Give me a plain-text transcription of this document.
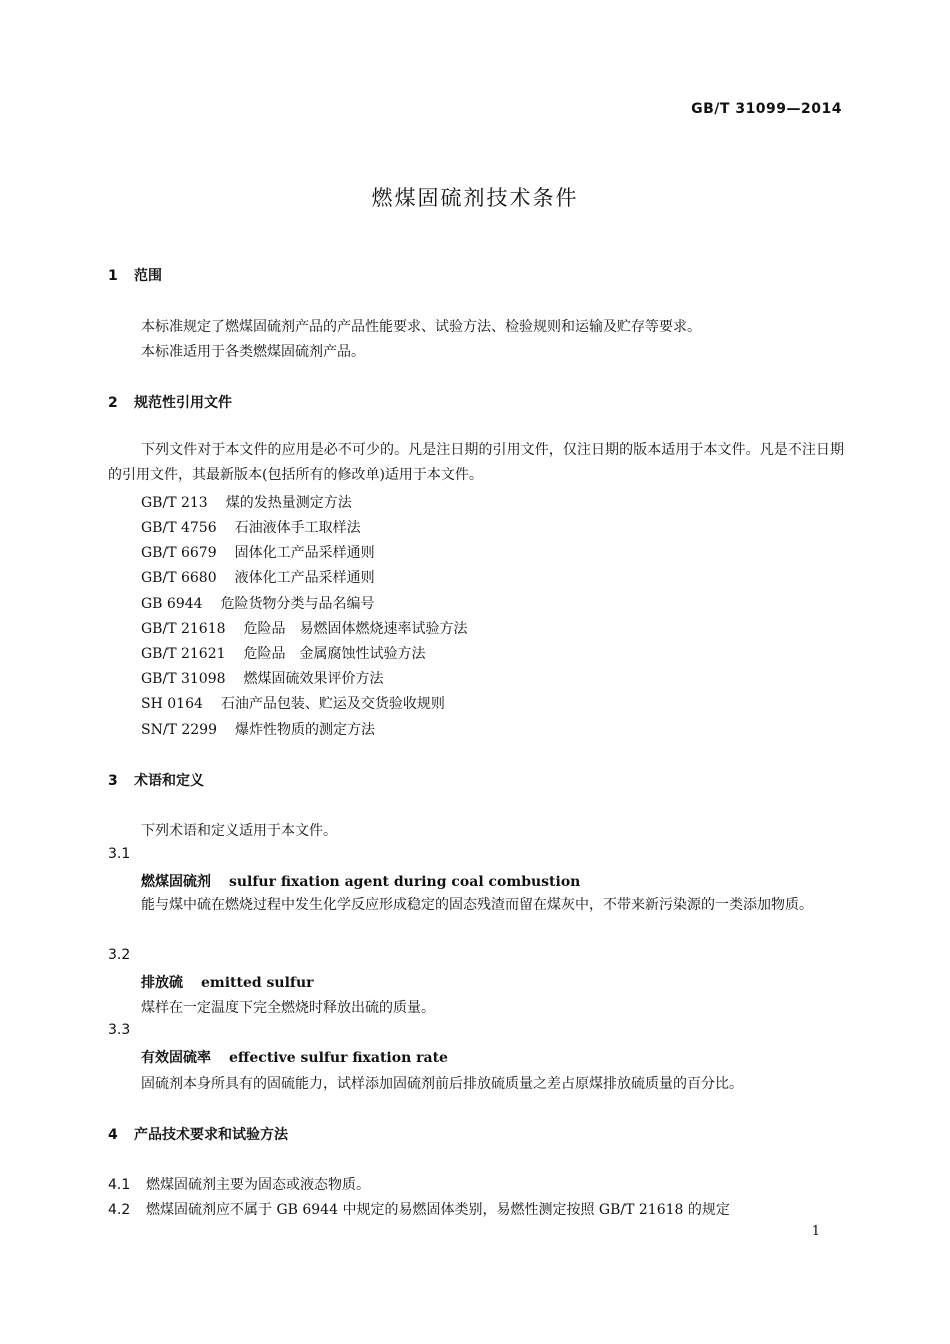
GB/T 31099—2014
燃煤固硫剂技术条件
1 范围
本标准规定了燃煤固硫剂产品的产品性能要求、试验方法、检验规则和运输及贮存等要求。
本标准适用于各类燃煤固硫剂产品。
2 规范性引用文件
下列文件对于本文件的应用是必不可少的。凡是注日期的引用文件，仅注日期的版本适用于本文件。凡是不注日期的引用文件，其最新版本(包括所有的修改单)适用于本文件。
GB/T 213 煤的发热量测定方法
GB/T 4756 石油液体手工取样法
GB/T 6679 固体化工产品采样通则
GB/T 6680 液体化工产品采样通则
GB 6944 危险货物分类与品名编号
GB/T 21618 危险品　易燃固体燃烧速率试验方法
GB/T 21621 危险品　金属腐蚀性试验方法
GB/T 31098 燃煤固硫效果评价方法
SH 0164 石油产品包装、贮运及交货验收规则
SN/T 2299 爆炸性物质的测定方法
3 术语和定义
下列术语和定义适用于本文件。
3.1
燃煤固硫剂 sulfur fixation agent during coal combustion
能与煤中硫在燃烧过程中发生化学反应形成稳定的固态残渣而留在煤灰中，不带来新污染源的一类添加物质。
3.2
排放硫 emitted sulfur
煤样在一定温度下完全燃烧时释放出硫的质量。
3.3
有效固硫率 effective sulfur fixation rate
固硫剂本身所具有的固硫能力，试样添加固硫剂前后排放硫质量之差占原煤排放硫质量的百分比。
4 产品技术要求和试验方法
4.1 燃煤固硫剂主要为固态或液态物质。
4.2 燃煤固硫剂应不属于 GB 6944 中规定的易燃固体类别，易燃性测定按照 GB/T 21618 的规定
1
